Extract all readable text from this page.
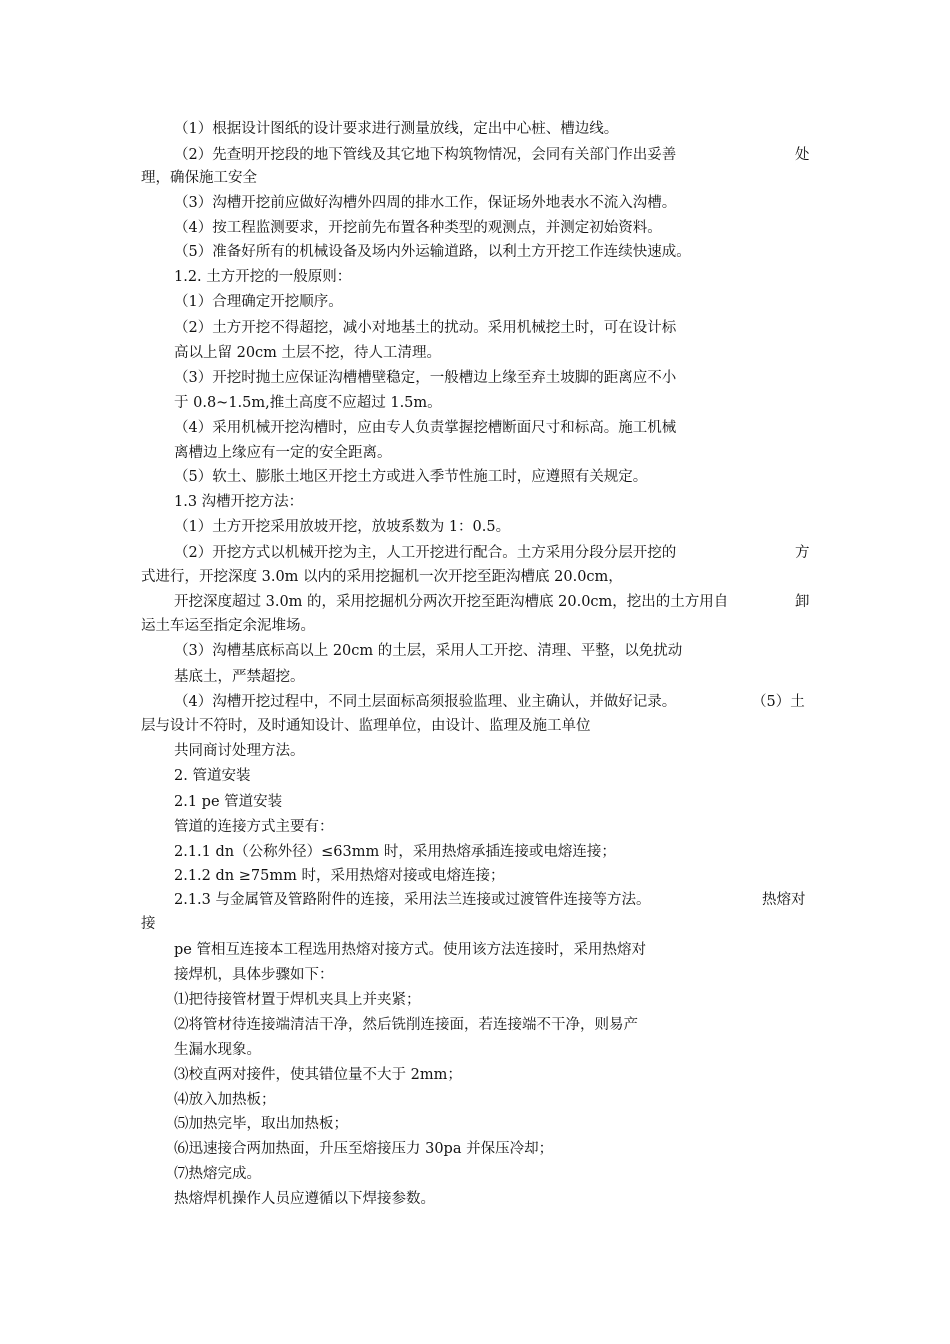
（1）根据设计图纸的设计要求进行测量放线，定出中心桩、槽边线。
（2）先查明开挖段的地下管线及其它地下构筑物情况，会同有关部门作出妥善	处
理，确保施工安全
（3）沟槽开挖前应做好沟槽外四周的排水工作，保证场外地表水不流入沟槽。
（4）按工程监测要求，开挖前先布置各种类型的观测点，并测定初始资料。
（5）准备好所有的机械设备及场内外运输道路，以利土方开挖工作连续快速成。
1.2. 土方开挖的一般原则：
（1）合理确定开挖顺序。
（2）土方开挖不得超挖，减小对地基土的扰动。采用机械挖土时，可在设计标
高以上留 20cm 土层不挖，待人工清理。
（3）开挖时抛土应保证沟槽槽壁稳定，一般槽边上缘至弃土坡脚的距离应不小
于 0.8~1.5m,推土高度不应超过 1.5m。
（4）采用机械开挖沟槽时，应由专人负责掌握挖槽断面尺寸和标高。施工机械
离槽边上缘应有一定的安全距离。
（5）软土、膨胀土地区开挖土方或进入季节性施工时，应遵照有关规定。
1.3 沟槽开挖方法：
（1）土方开挖采用放坡开挖，放坡系数为 1：0.5。
（2）开挖方式以机械开挖为主，人工开挖进行配合。土方采用分段分层开挖的	方
式进行，开挖深度 3.0m 以内的采用挖掘机一次开挖至距沟槽底 20.0cm，
开挖深度超过 3.0m 的，采用挖掘机分两次开挖至距沟槽底 20.0cm，挖出的土方用自	卸
运土车运至指定余泥堆场。
（3）沟槽基底标高以上 20cm 的土层，采用人工开挖、清理、平整，以免扰动
基底土，严禁超挖。
（4）沟槽开挖过程中，不同土层面标高须报验监理、业主确认，并做好记录。	（5）土
层与设计不符时，及时通知设计、监理单位，由设计、监理及施工单位
共同商讨处理方法。
2. 管道安装
2.1 pe 管道安装
管道的连接方式主要有：
2.1.1 dn（公称外径）≤63mm 时，采用热熔承插连接或电熔连接；
2.1.2 dn ≥75mm 时，采用热熔对接或电熔连接；
2.1.3 与金属管及管路附件的连接，采用法兰连接或过渡管件连接等方法。	热熔对
接
pe 管相互连接本工程选用热熔对接方式。使用该方法连接时，采用热熔对
接焊机，具体步骤如下：
⑴把待接管材置于焊机夹具上并夹紧；
⑵将管材待连接端清洁干净，然后铣削连接面，若连接端不干净，则易产
生漏水现象。
⑶校直两对接件，使其错位量不大于 2mm；
⑷放入加热板；
⑸加热完毕，取出加热板；
⑹迅速接合两加热面，升压至熔接压力 30pa 并保压冷却；
⑺热熔完成。
热熔焊机操作人员应遵循以下焊接参数。
